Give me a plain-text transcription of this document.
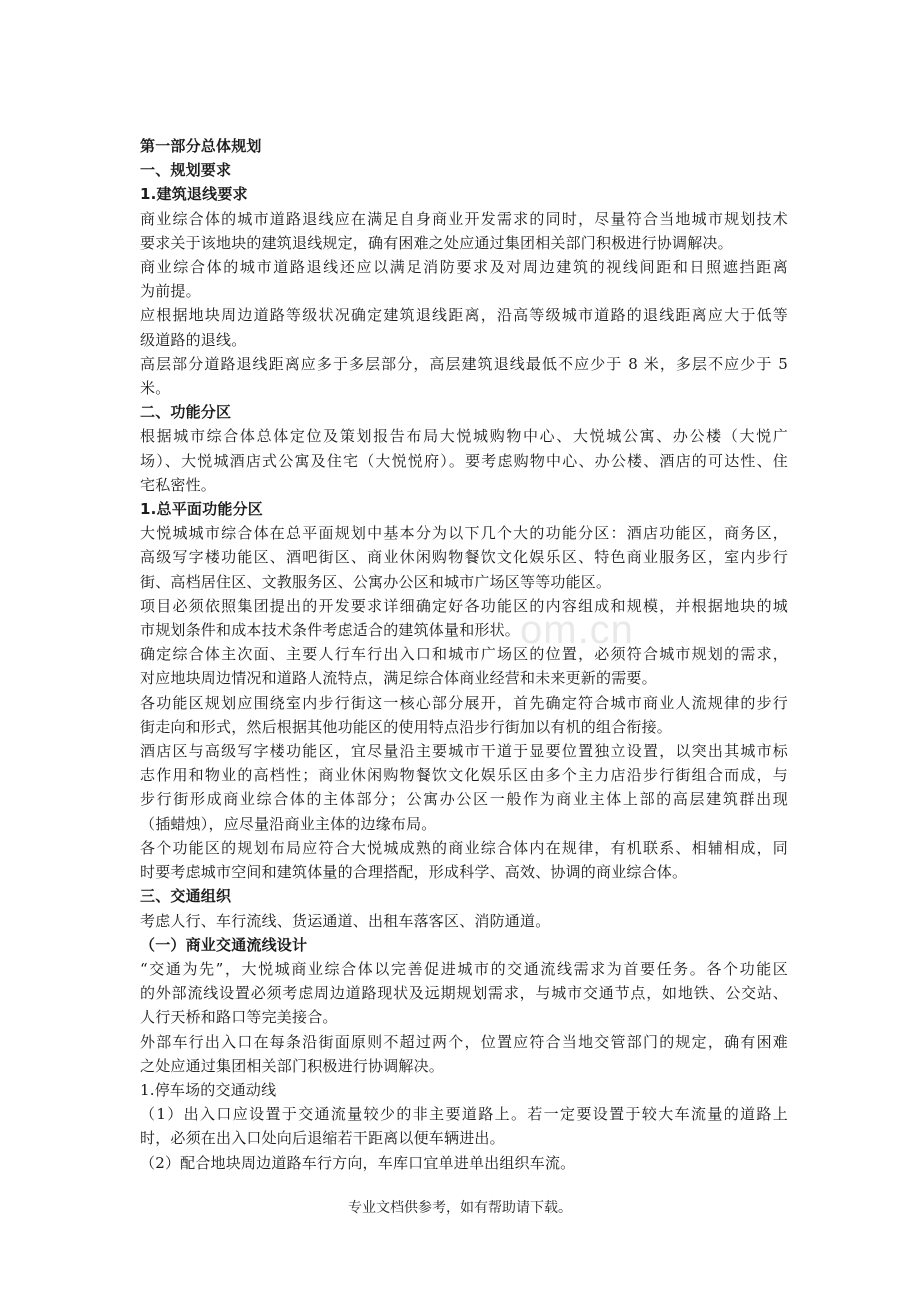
om.cn
第一部分总体规划
一、规划要求
1.建筑退线要求
商业综合体的城市道路退线应在满足自身商业开发需求的同时，尽量符合当地城市规划技术
要求关于该地块的建筑退线规定，确有困难之处应通过集团相关部门积极进行协调解决。
商业综合体的城市道路退线还应以满足消防要求及对周边建筑的视线间距和日照遮挡距离
为前提。
应根据地块周边道路等级状况确定建筑退线距离，沿高等级城市道路的退线距离应大于低等
级道路的退线。
高层部分道路退线距离应多于多层部分，高层建筑退线最低不应少于 8 米，多层不应少于 5
米。
二、功能分区
根据城市综合体总体定位及策划报告布局大悦城购物中心、大悦城公寓、办公楼（大悦广
场）、大悦城酒店式公寓及住宅（大悦悦府）。要考虑购物中心、办公楼、酒店的可达性、住
宅私密性。
1.总平面功能分区
大悦城城市综合体在总平面规划中基本分为以下几个大的功能分区：酒店功能区，商务区，
高级写字楼功能区、酒吧街区、商业休闲购物餐饮文化娱乐区、特色商业服务区，室内步行
街、高档居住区、文教服务区、公寓办公区和城市广场区等等功能区。
项目必须依照集团提出的开发要求详细确定好各功能区的内容组成和规模，并根据地块的城
市规划条件和成本技术条件考虑适合的建筑体量和形状。
确定综合体主次面、主要人行车行出入口和城市广场区的位置，必须符合城市规划的需求，
对应地块周边情况和道路人流特点，满足综合体商业经营和未来更新的需要。
各功能区规划应围绕室内步行街这一核心部分展开，首先确定符合城市商业人流规律的步行
街走向和形式，然后根据其他功能区的使用特点沿步行街加以有机的组合衔接。
酒店区与高级写字楼功能区，宜尽量沿主要城市干道于显要位置独立设置，以突出其城市标
志作用和物业的高档性；商业休闲购物餐饮文化娱乐区由多个主力店沿步行街组合而成，与
步行街形成商业综合体的主体部分；公寓办公区一般作为商业主体上部的高层建筑群出现
（插蜡烛），应尽量沿商业主体的边缘布局。
各个功能区的规划布局应符合大悦城成熟的商业综合体内在规律，有机联系、相辅相成，同
时要考虑城市空间和建筑体量的合理搭配，形成科学、高效、协调的商业综合体。
三、交通组织
考虑人行、车行流线、货运通道、出租车落客区、消防通道。
（一）商业交通流线设计
“交通为先”，大悦城商业综合体以完善促进城市的交通流线需求为首要任务。各个功能区
的外部流线设置必须考虑周边道路现状及远期规划需求，与城市交通节点，如地铁、公交站、
人行天桥和路口等完美接合。
外部车行出入口在每条沿街面原则不超过两个，位置应符合当地交管部门的规定，确有困难
之处应通过集团相关部门积极进行协调解决。
1.停车场的交通动线
（1）出入口应设置于交通流量较少的非主要道路上。若一定要设置于较大车流量的道路上
时，必须在出入口处向后退缩若干距离以便车辆进出。
（2）配合地块周边道路车行方向，车库口宜单进单出组织车流。
专业文档供参考，如有帮助请下载。
